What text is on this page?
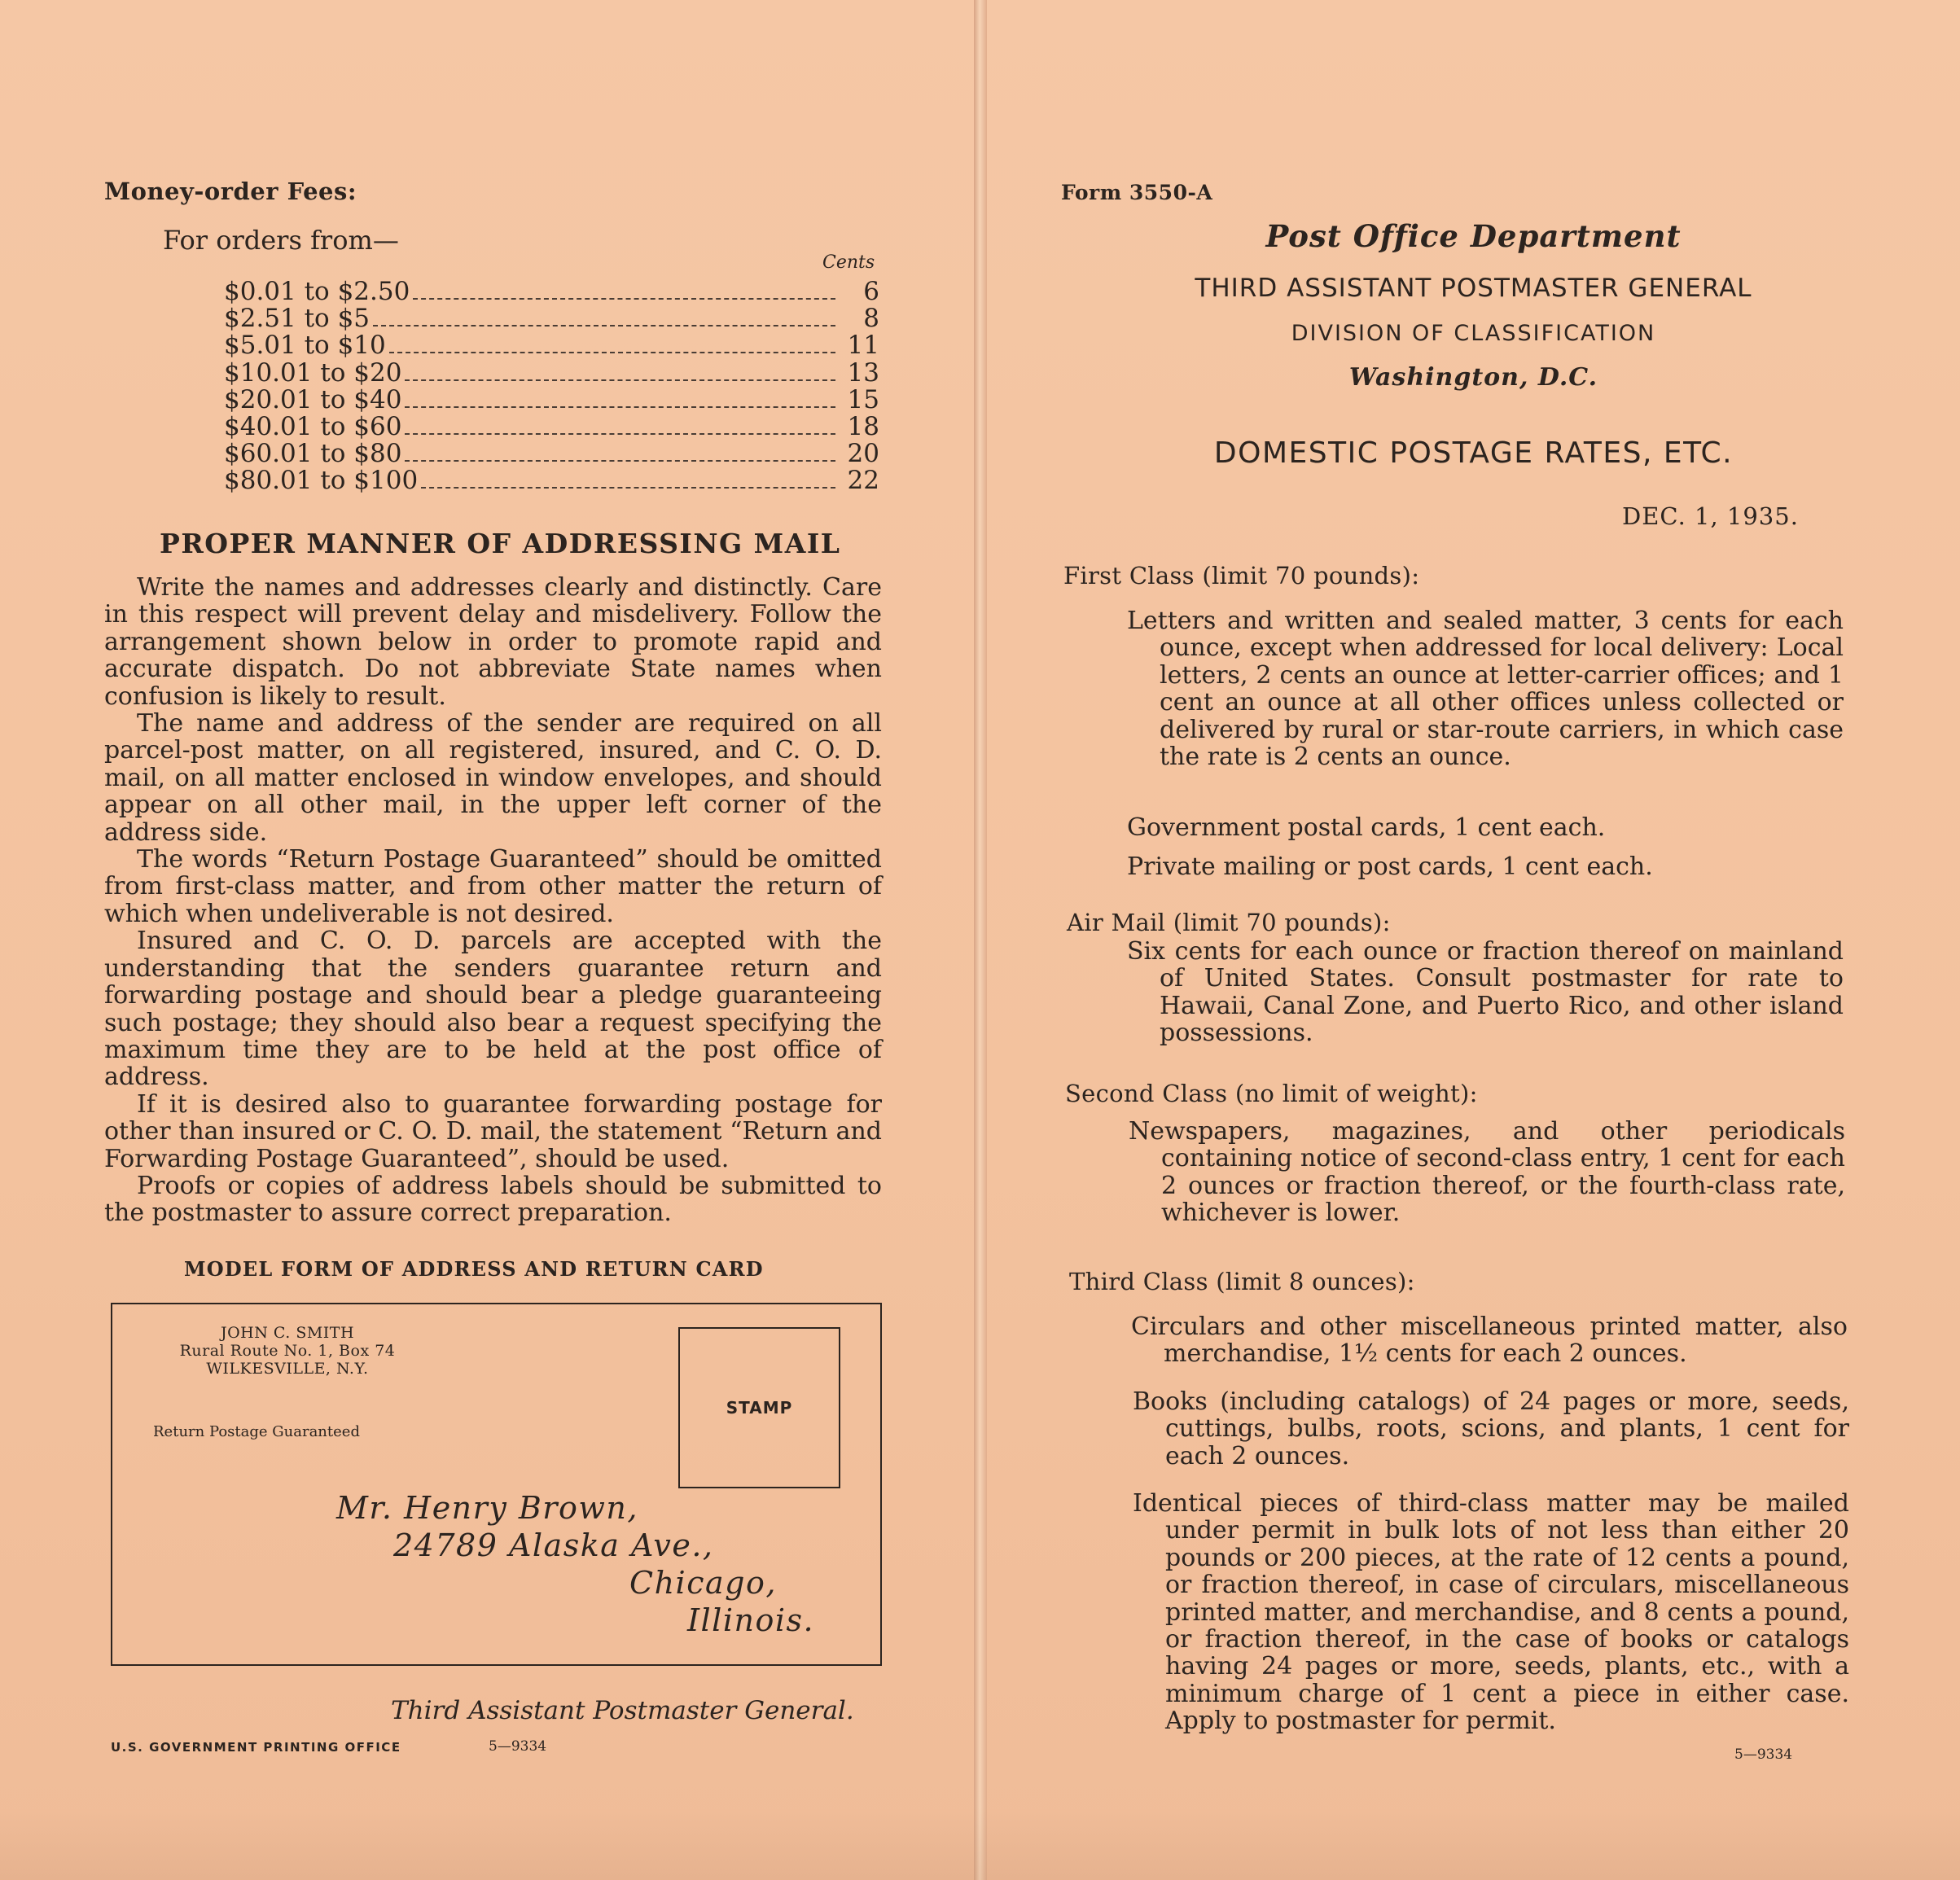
Money-order Fees:
For orders from—
Cents
$0.01 to $2.50	6
$2.51 to $5	8
$5.01 to $10	11
$10.01 to $20	13
$20.01 to $40	15
$40.01 to $60	18
$60.01 to $80	20
$80.01 to $100	22
PROPER MANNER OF ADDRESSING MAIL

Write the names and addresses clearly and distinctly. Care in this respect will prevent delay and misdelivery. Follow the arrangement shown below in order to promote rapid and accurate dispatch. Do not abbreviate State names when confusion is likely to result.

The name and address of the sender are required on all parcel-post matter, on all registered, insured, and C. O. D. mail, on all matter enclosed in window envelopes, and should appear on all other mail, in the upper left corner of the address side.

The words “Return Postage Guaranteed” should be omitted from first-class matter, and from other matter the return of which when undeliverable is not desired.

Insured and C. O. D. parcels are accepted with the understanding that the senders guarantee return and forwarding postage and should bear a pledge guaranteeing such postage; they should also bear a request specifying the maximum time they are to be held at the post office of address.

If it is desired also to guarantee forwarding postage for other than insured or C. O. D. mail, the statement “Return and Forwarding Postage Guaranteed”, should be used.

Proofs or copies of address labels should be submitted to the postmaster to assure correct preparation.

MODEL FORM OF ADDRESS AND RETURN CARD
JOHN C. SMITH
Rural Route No. 1, Box 74
WILKESVILLE, N.Y.
Return Postage Guaranteed
STAMP
Mr. Henry Brown,
24789 Alaska Ave.,
Chicago,
Illinois.
Third Assistant Postmaster General.
U.S. GOVERNMENT PRINTING OFFICE	5—9334
Form 3550-A
Post Office Department
THIRD ASSISTANT POSTMASTER GENERAL
DIVISION OF CLASSIFICATION
Washington, D.C.
DOMESTIC POSTAGE RATES, ETC.
DEC. 1, 1935.
First Class (limit 70 pounds):

Letters and written and sealed matter, 3 cents for each ounce, except when addressed for local delivery: Local letters, 2 cents an ounce at letter-carrier offices; and 1 cent an ounce at all other offices unless collected or delivered by rural or star-route carriers, in which case the rate is 2 cents an ounce.

Government postal cards, 1 cent each.

Private mailing or post cards, 1 cent each.

Air Mail (limit 70 pounds):

Six cents for each ounce or fraction thereof on mainland of United States. Consult postmaster for rate to Hawaii, Canal Zone, and Puerto Rico, and other island possessions.

Second Class (no limit of weight):

Newspapers, magazines, and other periodicals containing notice of second-class entry, 1 cent for each 2 ounces or fraction thereof, or the fourth-class rate, whichever is lower.

Third Class (limit 8 ounces):

Circulars and other miscellaneous printed matter, also merchandise, 1½ cents for each 2 ounces.

Books (including catalogs) of 24 pages or more, seeds, cuttings, bulbs, roots, scions, and plants, 1 cent for each 2 ounces.

Identical pieces of third-class matter may be mailed under permit in bulk lots of not less than either 20 pounds or 200 pieces, at the rate of 12 cents a pound, or fraction thereof, in case of circulars, miscellaneous printed matter, and merchandise, and 8 cents a pound, or fraction thereof, in the case of books or catalogs having 24 pages or more, seeds, plants, etc., with a minimum charge of 1 cent a piece in either case. Apply to postmaster for permit.

5—9334
